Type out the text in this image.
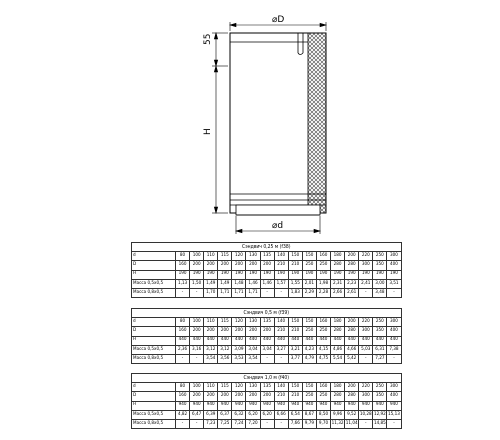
⌀D
⌀d
55
H
Сэндвич 0,25 м (f38)																
d	80	100	110	115	120	130	135	140	150	150	160	180	200	220	250	300
D	160	200	200	200	200	200	200	210	210	250	250	280	280	300	350	400
H	190	190	190	190	190	190	190	190	190	190	190	190	190	190	190	190
Масса 0,5х0,5	1,13	1,50	1,49	1,49	1,48	1,46	1,46	1,57	1,55	2,01	1,98	2,31	2,23	2,41	3,00	3,51
Масса 0,8х0,5	-	-	1,70	1,71	1,71	1,71	-	-	1,83	2,29	2,28	2,66	2,61	-	3,48	-
Сэндвич 0,5 м (f39)																
d	80	100	110	115	120	130	135	140	150	150	160	180	200	220	250	300
D	160	200	200	200	200	200	200	210	210	250	250	280	280	300	350	400
H	440	440	440	440	440	440	440	440	440	440	440	440	440	440	440	440
Масса 0,5х0,5	2,36	3,16	3,12	3,12	3,09	3,04	3,04	3,27	3,21	4,23	4,15	4,86	4,66	5,03	6,31	7,38
Масса 0,8х0,5	-	-	3,54	3,56	3,53	3,54	-	-	3,77	4,79	4,75	5,54	5,42	-	7,27	-
Сэндвич 1,0 м (f40)																
d	80	100	110	115	120	130	135	140	150	150	160	180	200	220	250	300
D	160	200	200	200	200	200	200	210	210	250	250	280	280	300	350	400
H	940	940	940	940	940	940	940	940	940	940	940	940	940	940	940	940
Масса 0,5х0,5	4,82	6,47	6,39	6,37	6,32	6,20	6,20	6,66	6,54	8,67	8,50	9,96	9,52	10,28	12,92	15,13
Масса 0,8х0,5	-	-	7,23	7,25	7,24	7,20	-	-	7,66	9,79	9,70	11,32	11,04	-	14,85	-
